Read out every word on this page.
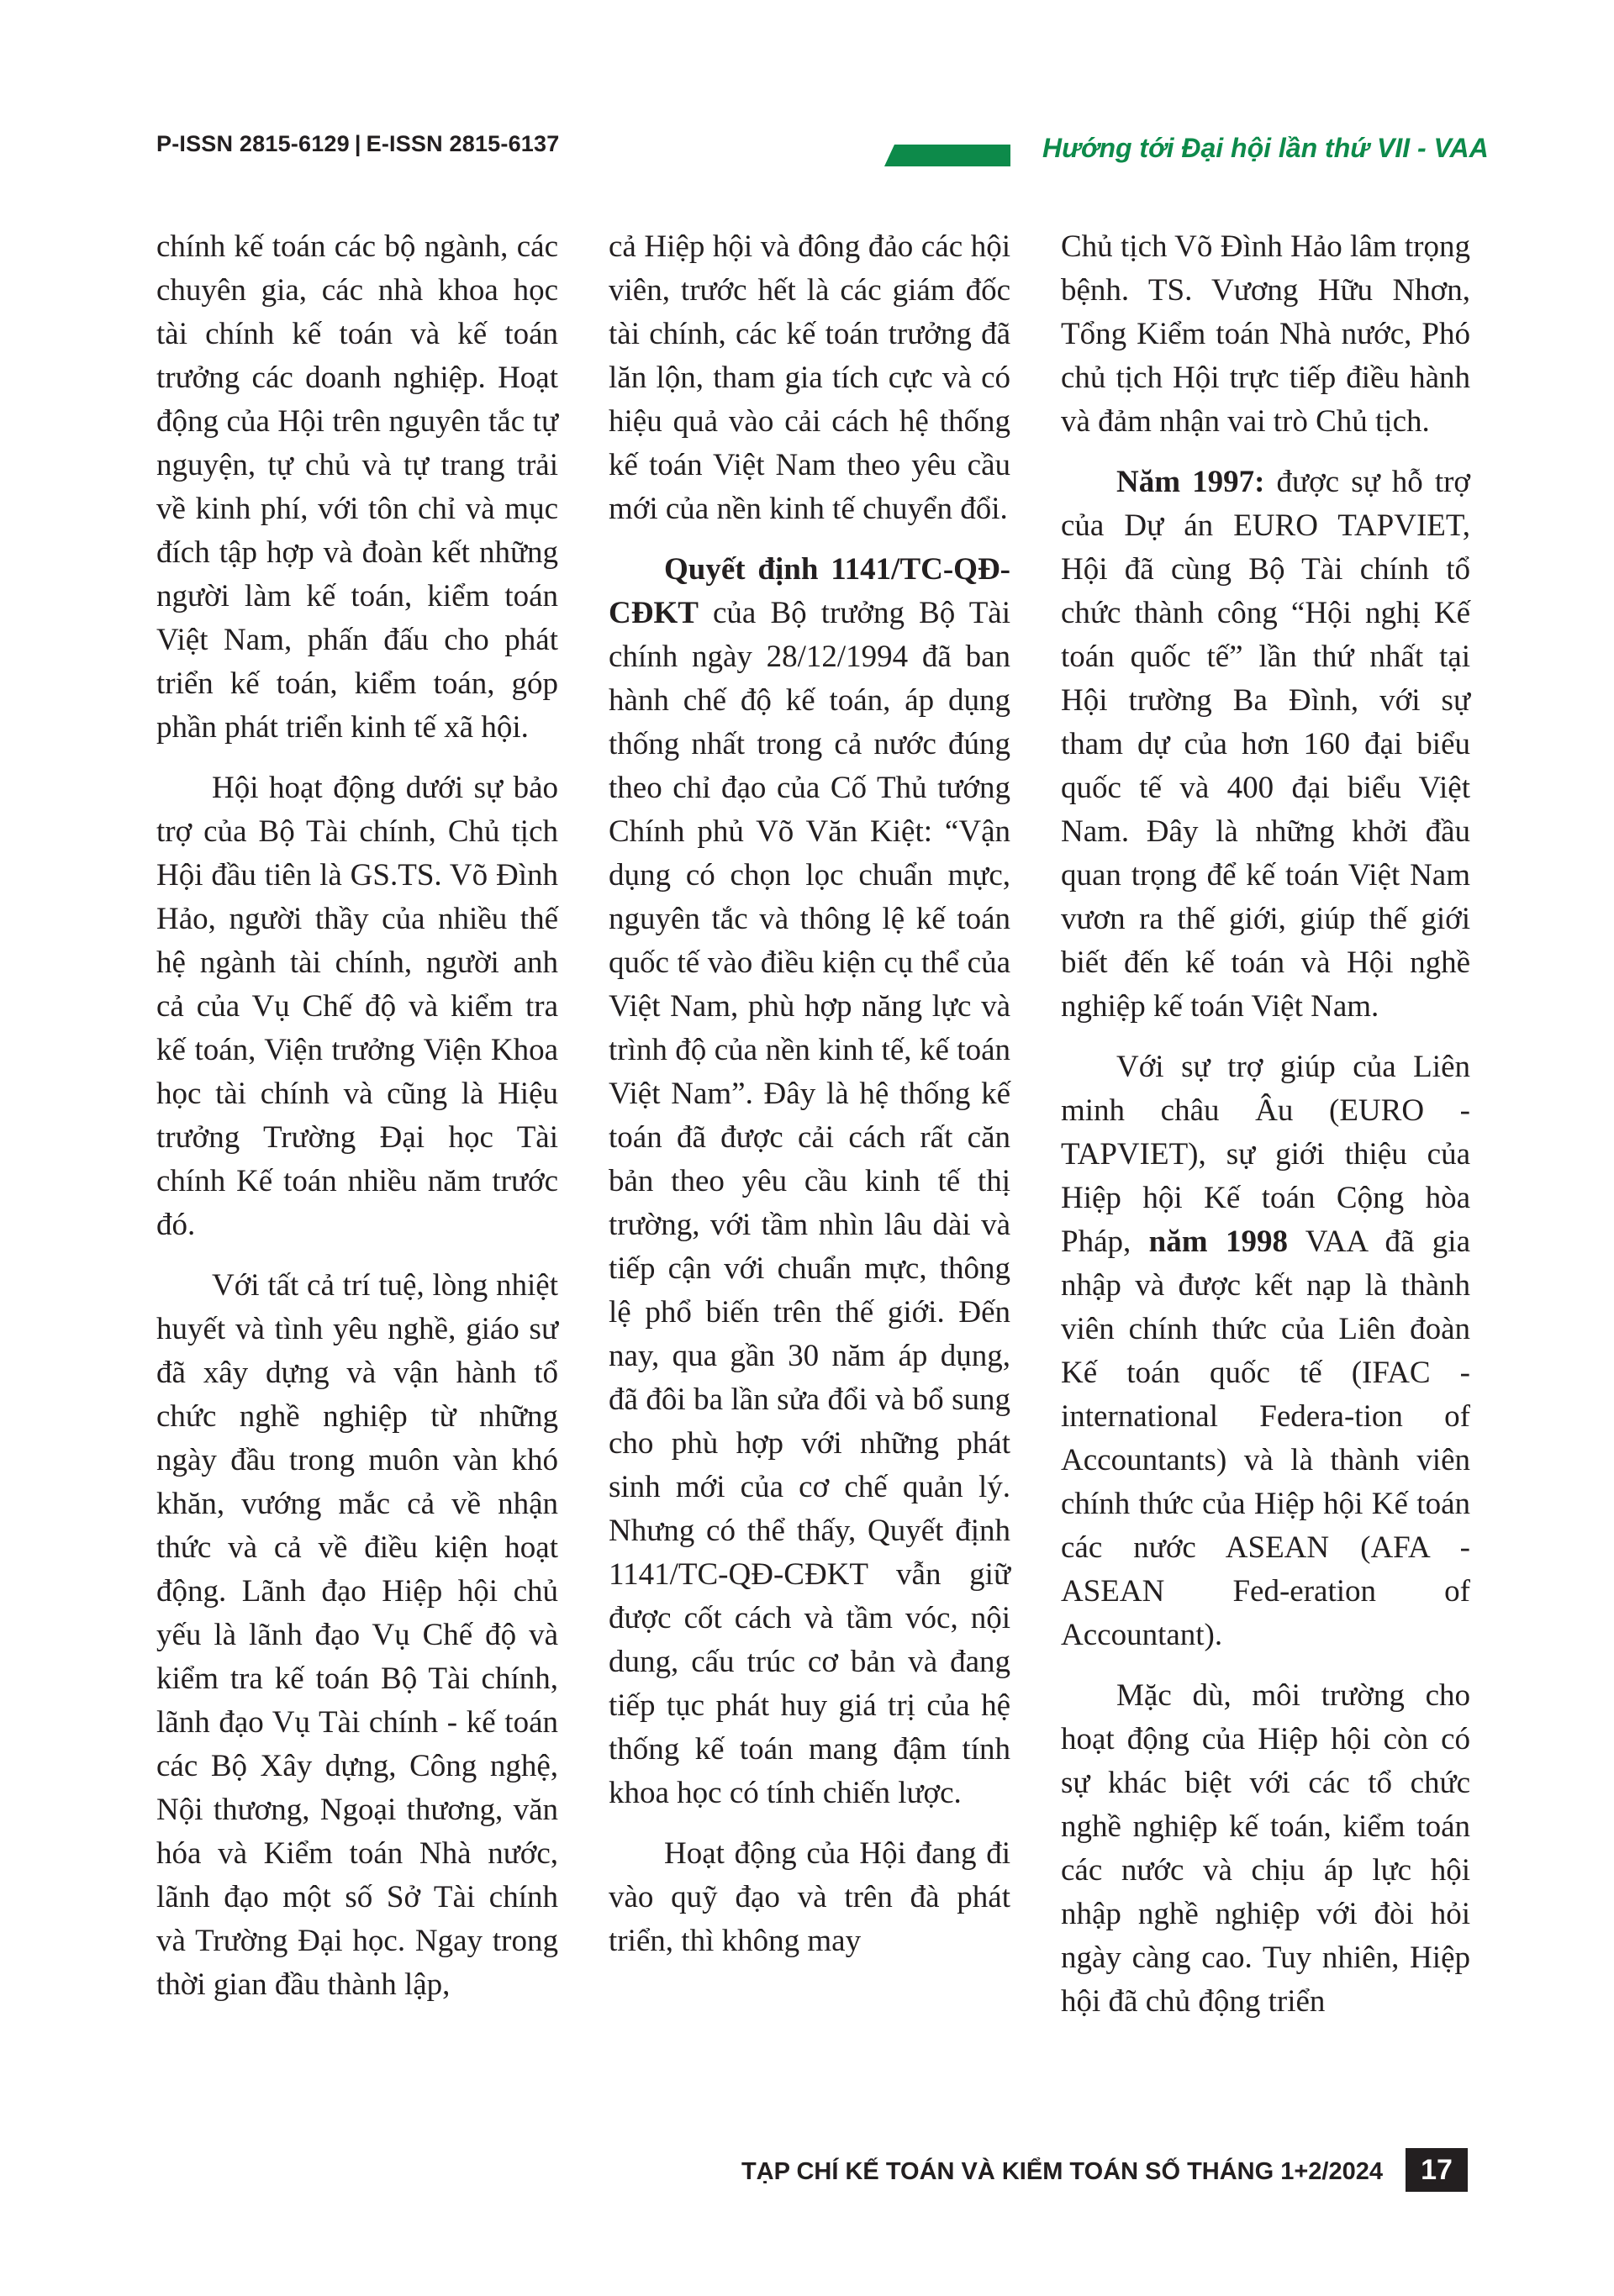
P-ISSN 2815-6129 | E-ISSN 2815-6137	Hướng tới Đại hội lần thứ VII - VAA

chính kế toán các bộ ngành, các chuyên gia, các nhà khoa học tài chính kế toán và kế toán trưởng các doanh nghiệp. Hoạt động của Hội trên nguyên tắc tự nguyện, tự chủ và tự trang trải về kinh phí, với tôn chỉ và mục đích tập hợp và đoàn kết những người làm kế toán, kiểm toán Việt Nam, phấn đấu cho phát triển kế toán, kiểm toán, góp phần phát triển kinh tế xã hội.

Hội hoạt động dưới sự bảo trợ của Bộ Tài chính, Chủ tịch Hội đầu tiên là GS.TS. Võ Đình Hảo, người thầy của nhiều thế hệ ngành tài chính, người anh cả của Vụ Chế độ và kiểm tra kế toán, Viện trưởng Viện Khoa học tài chính và cũng là Hiệu trưởng Trường Đại học Tài chính Kế toán nhiều năm trước đó.

Với tất cả trí tuệ, lòng nhiệt huyết và tình yêu nghề, giáo sư đã xây dựng và vận hành tổ chức nghề nghiệp từ những ngày đầu trong muôn vàn khó khăn, vướng mắc cả về nhận thức và cả về điều kiện hoạt động. Lãnh đạo Hiệp hội chủ yếu là lãnh đạo Vụ Chế độ và kiểm tra kế toán Bộ Tài chính, lãnh đạo Vụ Tài chính - kế toán các Bộ Xây dựng, Công nghệ, Nội thương, Ngoại thương, văn hóa và Kiểm toán Nhà nước, lãnh đạo một số Sở Tài chính và Trường Đại học. Ngay trong thời gian đầu thành lập,

cả Hiệp hội và đông đảo các hội viên, trước hết là các giám đốc tài chính, các kế toán trưởng đã lăn lộn, tham gia tích cực và có hiệu quả vào cải cách hệ thống kế toán Việt Nam theo yêu cầu mới của nền kinh tế chuyển đổi.

Quyết định 1141/TC-QĐ-CĐKT của Bộ trưởng Bộ Tài chính ngày 28/12/1994 đã ban hành chế độ kế toán, áp dụng thống nhất trong cả nước đúng theo chỉ đạo của Cố Thủ tướng Chính phủ Võ Văn Kiệt: “Vận dụng có chọn lọc chuẩn mực, nguyên tắc và thông lệ kế toán quốc tế vào điều kiện cụ thể của Việt Nam, phù hợp năng lực và trình độ của nền kinh tế, kế toán Việt Nam”. Đây là hệ thống kế toán đã được cải cách rất căn bản theo yêu cầu kinh tế thị trường, với tầm nhìn lâu dài và tiếp cận với chuẩn mực, thông lệ phổ biến trên thế giới. Đến nay, qua gần 30 năm áp dụng, đã đôi ba lần sửa đổi và bổ sung cho phù hợp với những phát sinh mới của cơ chế quản lý. Nhưng có thể thấy, Quyết định 1141/TC-QĐ-CĐKT vẫn giữ được cốt cách và tầm vóc, nội dung, cấu trúc cơ bản và đang tiếp tục phát huy giá trị của hệ thống kế toán mang đậm tính khoa học có tính chiến lược.

Hoạt động của Hội đang đi vào quỹ đạo và trên đà phát triển, thì không may

Chủ tịch Võ Đình Hảo lâm trọng bệnh. TS. Vương Hữu Nhơn, Tổng Kiểm toán Nhà nước, Phó chủ tịch Hội trực tiếp điều hành và đảm nhận vai trò Chủ tịch.

Năm 1997: được sự hỗ trợ của Dự án EURO TAPVIET, Hội đã cùng Bộ Tài chính tổ chức thành công “Hội nghị Kế toán quốc tế” lần thứ nhất tại Hội trường Ba Đình, với sự tham dự của hơn 160 đại biểu quốc tế và 400 đại biểu Việt Nam. Đây là những khởi đầu quan trọng để kế toán Việt Nam vươn ra thế giới, giúp thế giới biết đến kế toán và Hội nghề nghiệp kế toán Việt Nam.

Với sự trợ giúp của Liên minh châu Âu (EURO - TAPVIET), sự giới thiệu của Hiệp hội Kế toán Cộng hòa Pháp, năm 1998 VAA đã gia nhập và được kết nạp là thành viên chính thức của Liên đoàn Kế toán quốc tế (IFAC - international Federa-tion of Accountants) và là thành viên chính thức của Hiệp hội Kế toán các nước ASEAN (AFA - ASEAN Fed-eration of Accountant).

Mặc dù, môi trường cho hoạt động của Hiệp hội còn có sự khác biệt với các tổ chức nghề nghiệp kế toán, kiểm toán các nước và chịu áp lực hội nhập nghề nghiệp với đòi hỏi ngày càng cao. Tuy nhiên, Hiệp hội đã chủ động triển

TẠP CHÍ KẾ TOÁN VÀ KIỂM TOÁN SỐ THÁNG 1+2/2024	17
